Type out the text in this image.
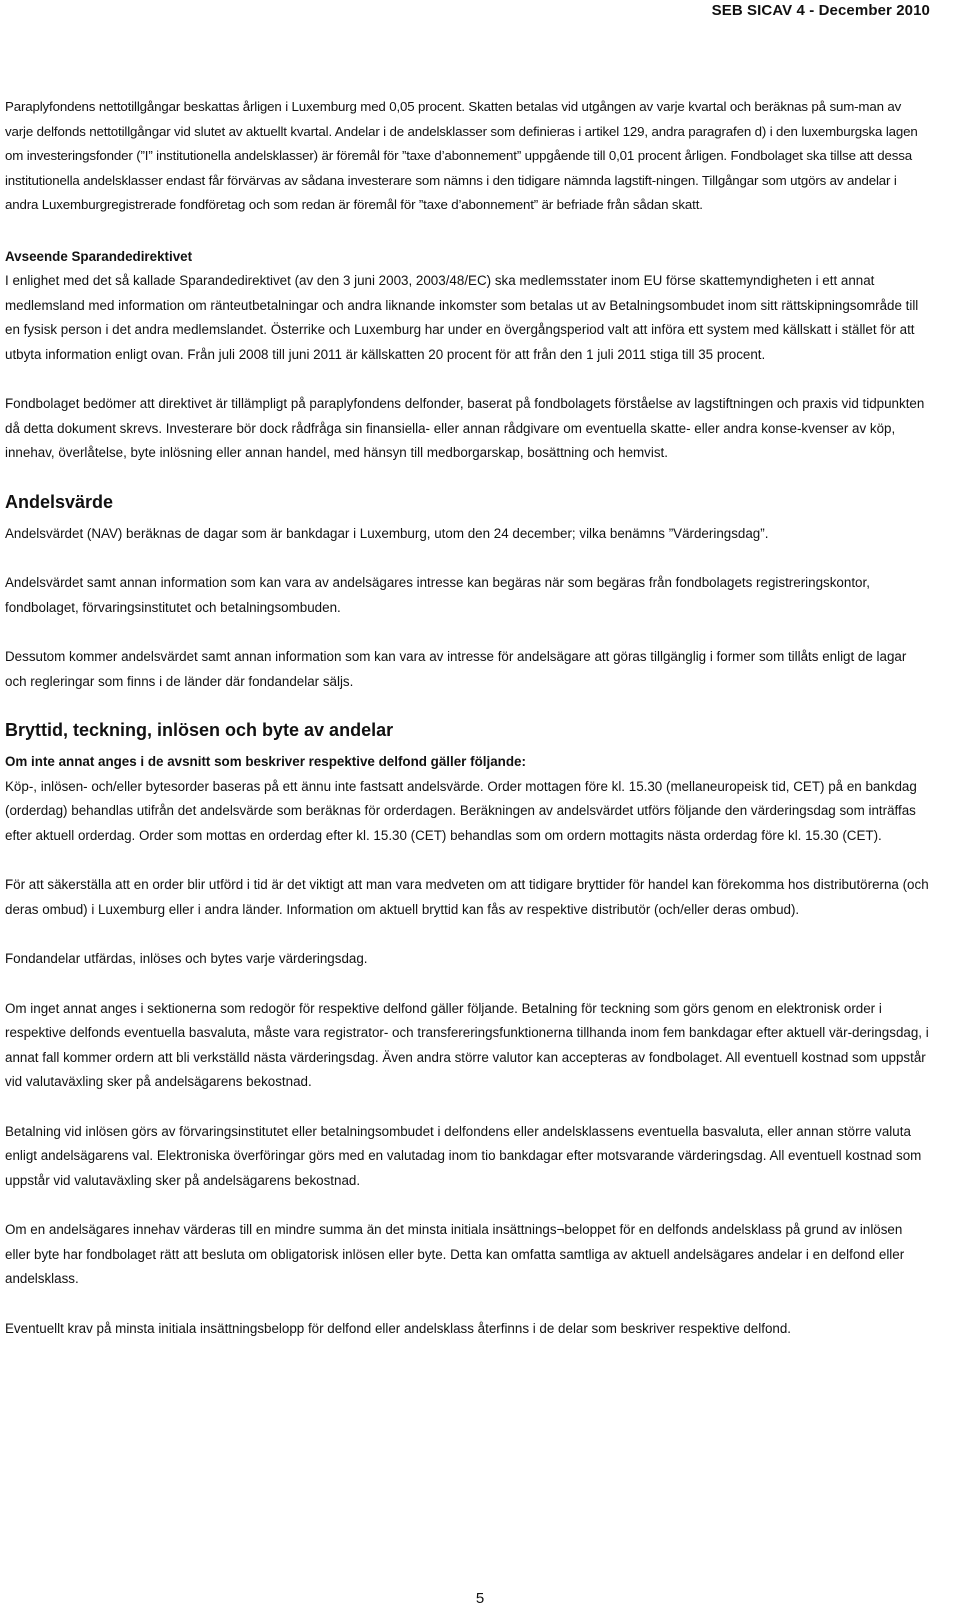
SEB SICAV 4 - December 2010

Paraplyfondens nettotillgångar beskattas årligen i Luxemburg med 0,05 procent. Skatten betalas vid utgången av varje kvartal och beräknas på sum-man av varje delfonds nettotillgångar vid slutet av aktuellt kvartal. Andelar i de andelsklasser som definieras i artikel 129, andra paragrafen d) i den luxemburgska lagen om investeringsfonder (”I” institutionella andelsklasser) är föremål för ”taxe d’abonnement” uppgående till 0,01 procent årligen. Fondbolaget ska tillse att dessa institutionella andelsklasser endast får förvärvas av sådana investerare som nämns i den tidigare nämnda lagstift-ningen. Tillgångar som utgörs av andelar i andra Luxemburgregistrerade fondföretag och som redan är föremål för ”taxe d’abonnement” är befriade från sådan skatt.

Avseende Sparandedirektivet

I enlighet med det så kallade Sparandedirektivet (av den 3 juni 2003, 2003/48/EC) ska medlemsstater inom EU förse skattemyndigheten i ett annat medlemsland med information om ränteutbetalningar och andra liknande inkomster som betalas ut av Betalningsombudet inom sitt rättskipningsområde till en fysisk person i det andra medlemslandet. Österrike och Luxemburg har under en övergångsperiod valt att införa ett system med källskatt i stället för att utbyta information enligt ovan. Från juli 2008 till juni 2011 är källskatten 20 procent för att från den 1 juli 2011 stiga till 35 procent.

Fondbolaget bedömer att direktivet är tillämpligt på paraplyfondens delfonder, baserat på fondbolagets förståelse av lagstiftningen och praxis vid tidpunkten då detta dokument skrevs. Investerare bör dock rådfråga sin finansiella- eller annan rådgivare om eventuella skatte- eller andra konse-kvenser av köp, innehav, överlåtelse, byte inlösning eller annan handel, med hänsyn till medborgarskap, bosättning och hemvist.

Andelsvärde

Andelsvärdet (NAV) beräknas de dagar som är bankdagar i Luxemburg, utom den 24 december; vilka benämns ”Värderingsdag”.

Andelsvärdet samt annan information som kan vara av andelsägares intresse kan begäras när som begäras från fondbolagets registreringskontor, fondbolaget, förvaringsinstitutet och betalningsombuden.

Dessutom kommer andelsvärdet samt annan information som kan vara av intresse för andelsägare att göras tillgänglig i former som tillåts enligt de lagar och regleringar som finns i de länder där fondandelar säljs.

Bryttid, teckning, inlösen och byte av andelar

Om inte annat anges i de avsnitt som beskriver respektive delfond gäller följande:

Köp-, inlösen- och/eller bytesorder baseras på ett ännu inte fastsatt andelsvärde. Order mottagen före kl. 15.30 (mellaneuropeisk tid, CET) på en bankdag (orderdag) behandlas utifrån det andelsvärde som beräknas för orderdagen. Beräkningen av andelsvärdet utförs följande den värderingsdag som inträffas efter aktuell orderdag. Order som mottas en orderdag efter kl. 15.30 (CET) behandlas som om ordern mottagits nästa orderdag före kl. 15.30 (CET).

För att säkerställa att en order blir utförd i tid är det viktigt att man vara medveten om att tidigare bryttider för handel kan förekomma hos distributörerna (och deras ombud) i Luxemburg eller i andra länder. Information om aktuell bryttid kan fås av respektive distributör (och/eller deras ombud).

Fondandelar utfärdas, inlöses och bytes varje värderingsdag.

Om inget annat anges i sektionerna som redogör för respektive delfond gäller följande. Betalning för teckning som görs genom en elektronisk order i respektive delfonds eventuella basvaluta, måste vara registrator- och transfereringsfunktionerna tillhanda inom fem bankdagar efter aktuell vär-deringsdag, i annat fall kommer ordern att bli verkställd nästa värderingsdag. Även andra större valutor kan accepteras av fondbolaget. All eventuell kostnad som uppstår vid valutaväxling sker på andelsägarens bekostnad.

Betalning vid inlösen görs av förvaringsinstitutet eller betalningsombudet i delfondens eller andelsklassens eventuella basvaluta, eller annan större valuta enligt andelsägarens val. Elektroniska överföringar görs med en valutadag inom tio bankdagar efter motsvarande värderingsdag. All eventuell kostnad som uppstår vid valutaväxling sker på andelsägarens bekostnad.

Om en andelsägares innehav värderas till en mindre summa än det minsta initiala insättnings¬beloppet för en delfonds andelsklass på grund av inlösen eller byte har fondbolaget rätt att besluta om obligatorisk inlösen eller byte. Detta kan omfatta samtliga av aktuell andelsägares andelar i en delfond eller andelsklass.

Eventuellt krav på minsta initiala insättningsbelopp för delfond eller andelsklass återfinns i de delar som beskriver respektive delfond.

5
